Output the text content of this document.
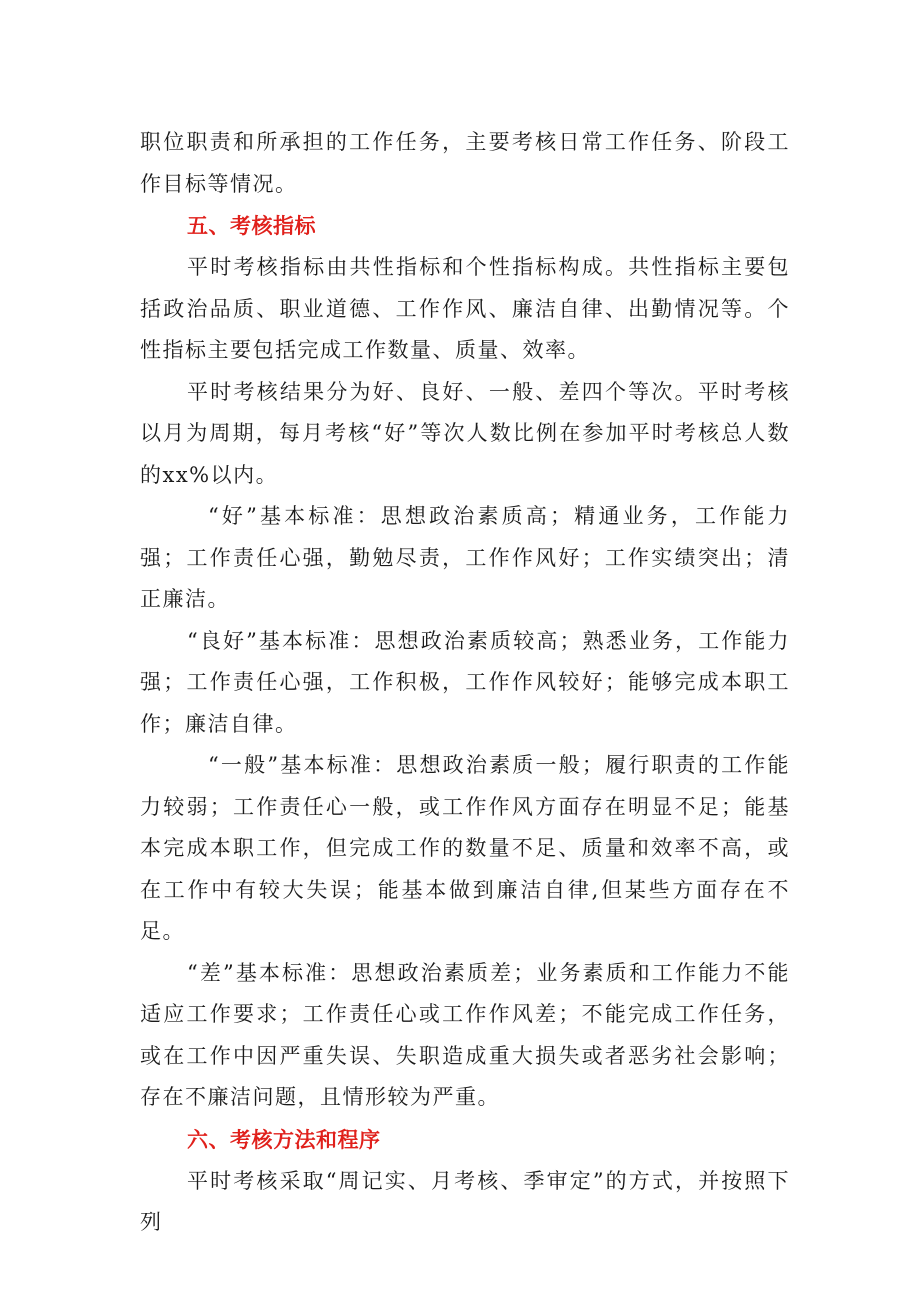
职位职责和所承担的工作任务，主要考核日常工作任务、阶段工作目标等情况。

五、考核指标

平时考核指标由共性指标和个性指标构成。共性指标主要包括政治品质、职业道德、工作作风、廉洁自律、出勤情况等。个性指标主要包括完成工作数量、质量、效率。

平时考核结果分为好、良好、一般、差四个等次。平时考核以月为周期，每月考核“好”等次人数比例在参加平时考核总人数的xx%以内。

“好”基本标准：思想政治素质高；精通业务，工作能力强；工作责任心强，勤勉尽责，工作作风好；工作实绩突出；清正廉洁。

“良好”基本标准：思想政治素质较高；熟悉业务，工作能力强；工作责任心强，工作积极，工作作风较好；能够完成本职工作；廉洁自律。

“一般”基本标准：思想政治素质一般；履行职责的工作能力较弱；工作责任心一般，或工作作风方面存在明显不足；能基本完成本职工作，但完成工作的数量不足、质量和效率不高，或在工作中有较大失误；能基本做到廉洁自律,但某些方面存在不足。

“差”基本标准：思想政治素质差；业务素质和工作能力不能适应工作要求；工作责任心或工作作风差；不能完成工作任务，或在工作中因严重失误、失职造成重大损失或者恶劣社会影响；存在不廉洁问题，且情形较为严重。

六、考核方法和程序

平时考核采取“周记实、月考核、季审定”的方式，并按照下列
